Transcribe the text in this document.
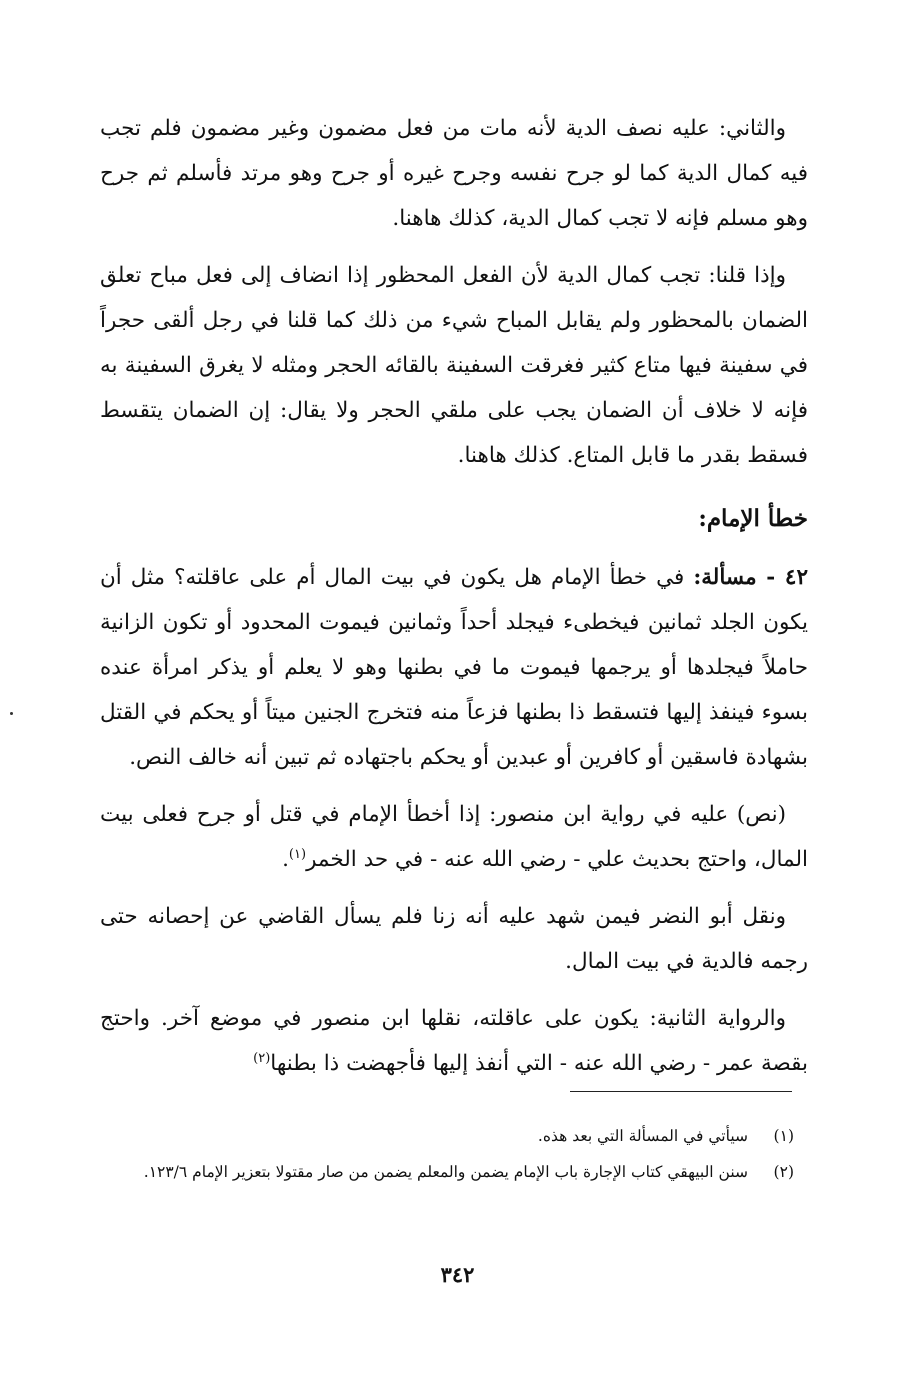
والثاني: عليه نصف الدية لأنه مات من فعل مضمون وغير مضمون فلم تجب فيه كمال الدية كما لو جرح نفسه وجرح غيره أو جرح وهو مرتد فأسلم ثم جرح وهو مسلم فإنه لا تجب كمال الدية، كذلك هاهنا.

وإذا قلنا: تجب كمال الدية لأن الفعل المحظور إذا انضاف إلى فعل مباح تعلق الضمان بالمحظور ولم يقابل المباح شيء من ذلك كما قلنا في رجل ألقى حجراً في سفينة فيها متاع كثير فغرقت السفينة بالقائه الحجر ومثله لا يغرق السفينة به فإنه لا خلاف أن الضمان يجب على ملقي الحجر ولا يقال: إن الضمان يتقسط فسقط بقدر ما قابل المتاع. كذلك هاهنا.

خطأ الإمام:

٤٢ - مسألة: في خطأ الإمام هل يكون في بيت المال أم على عاقلته؟ مثل أن يكون الجلد ثمانين فيخطىء فيجلد أحداً وثمانين فيموت المحدود أو تكون الزانية حاملاً فيجلدها أو يرجمها فيموت ما في بطنها وهو لا يعلم أو يذكر امرأة عنده بسوء فينفذ إليها فتسقط ذا بطنها فزعاً منه فتخرج الجنين ميتاً أو يحكم في القتل بشهادة فاسقين أو كافرين أو عبدين أو يحكم باجتهاده ثم تبين أنه خالف النص.

(نص) عليه في رواية ابن منصور: إذا أخطأ الإمام في قتل أو جرح فعلى بيت المال، واحتج بحديث علي - رضي الله عنه - في حد الخمر$^{(١)}$.

ونقل أبو النضر فيمن شهد عليه أنه زنا فلم يسأل القاضي عن إحصانه حتى رجمه فالدية في بيت المال.

والرواية الثانية: يكون على عاقلته، نقلها ابن منصور في موضع آخر. واحتج بقصة عمر - رضي الله عنه - التي أنفذ إليها فأجهضت ذا بطنها$^{(٢)}$

(١)
سيأتي في المسألة التي بعد هذه.
(٢)
سنن البيهقي كتاب الإجارة باب الإمام يضمن والمعلم يضمن من صار مقتولا بتعزير الإمام ١٢٣/٦.
٣٤٢
